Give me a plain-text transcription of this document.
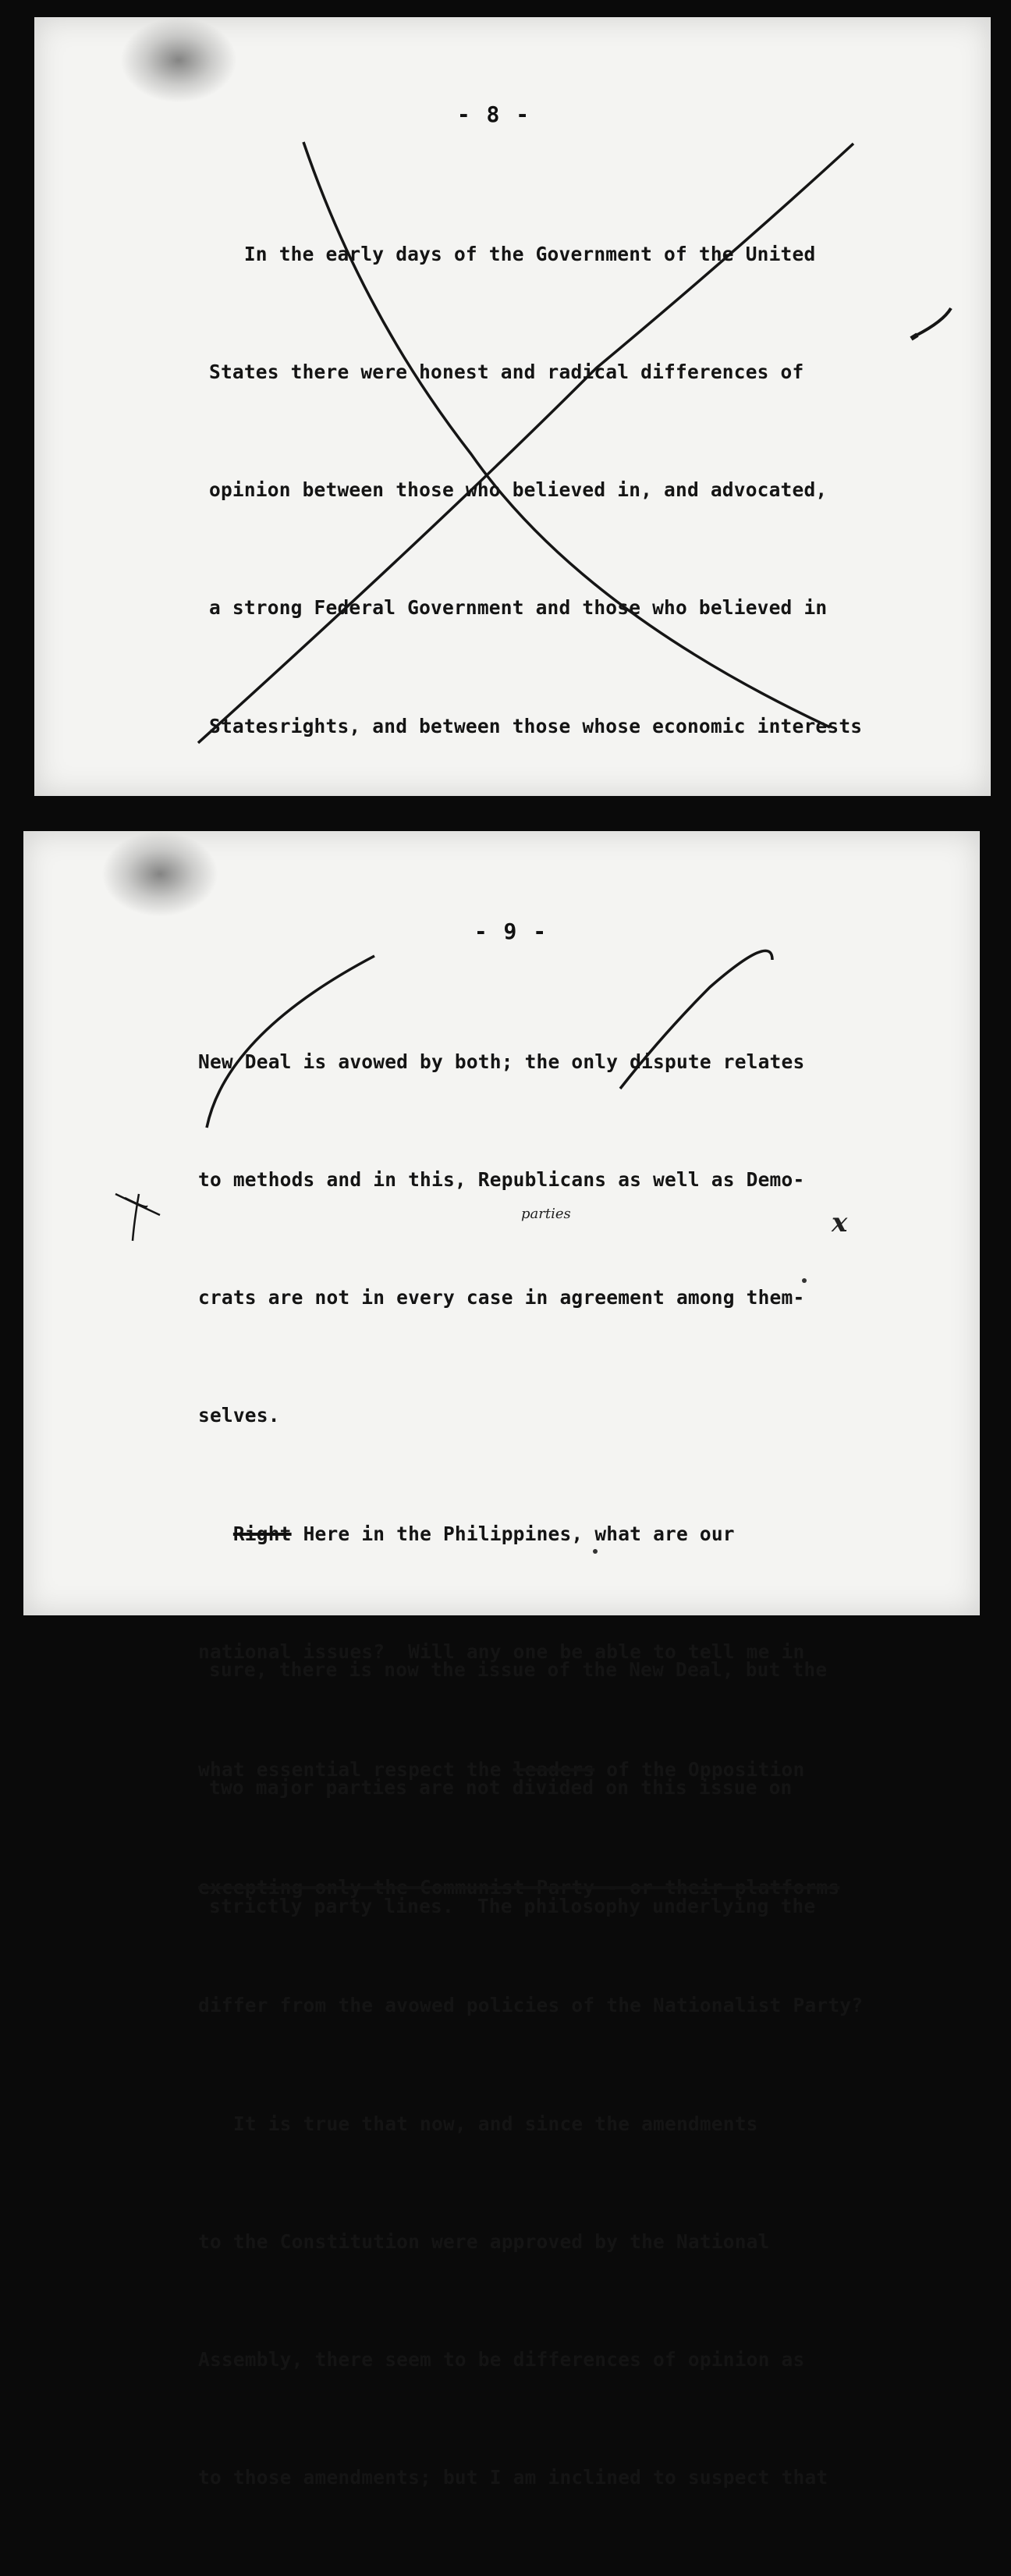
- 8 -

In the early days of the Government of the United

States there were honest and radical differences of

opinion between those who believed in, and advocated,

a strong Federal Government and those who believed in

Statesrights, and between those whose economic interests

sure, there is now the issue of the New Deal, but the

two major parties are not divided on this issue on

strictly party lines.  The philosophy underlying the

- 9 -

New Deal is avowed by both; the only dispute relates

to methods and in this, Republicans as well as Demo-

crats are not in every case in agreement among them-

selves.

Right Here in the Philippines, what are our

national issues?  Will any one be able to tell me in

what essential respect the leaders of the Opposition

excepting only the Communist Party - or their platforms

differ from the avowed policies of the Nationalist Party?

It is true that now, and since the amendments

to the Constitution were approved by the National

Assembly, there seem to be differences of opinion as

to those amendments; but I am inclined to suspect that

parties	x
